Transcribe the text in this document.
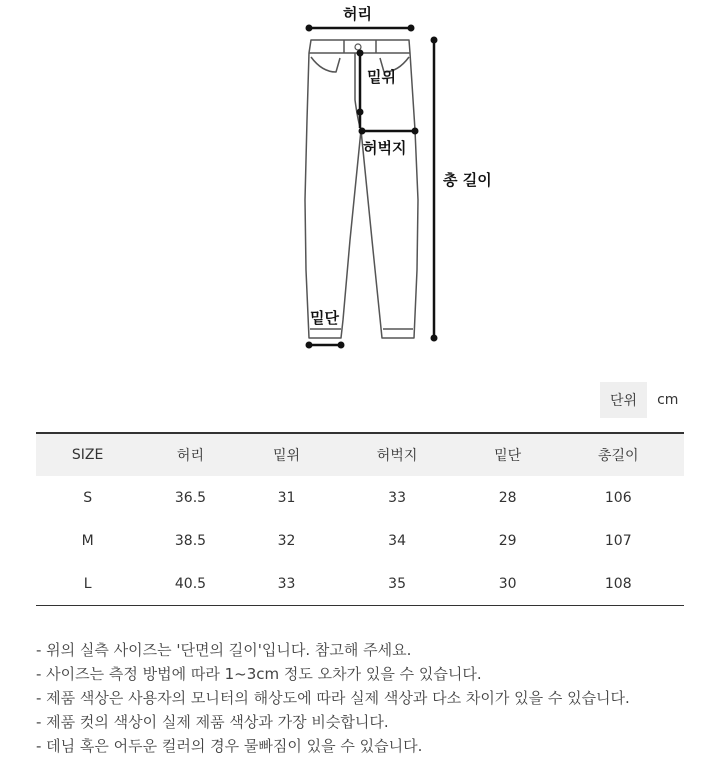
허리
밑위
허벅지
밑단
총 길이
단위	cm
SIZE	허리	밑위	허벅지	밑단	총길이
S	36.5	31	33	28	106
M	38.5	32	34	29	107
L	40.5	33	35	30	108
- 위의 실측 사이즈는 '단면의 길이'입니다. 참고해 주세요.
- 사이즈는 측정 방법에 따라 1~3cm 정도 오차가 있을 수 있습니다.
- 제품 색상은 사용자의 모니터의 해상도에 따라 실제 색상과 다소 차이가 있을 수 있습니다.
- 제품 컷의 색상이 실제 제품 색상과 가장 비슷합니다.
- 데님 혹은 어두운 컬러의 경우 물빠짐이 있을 수 있습니다.
